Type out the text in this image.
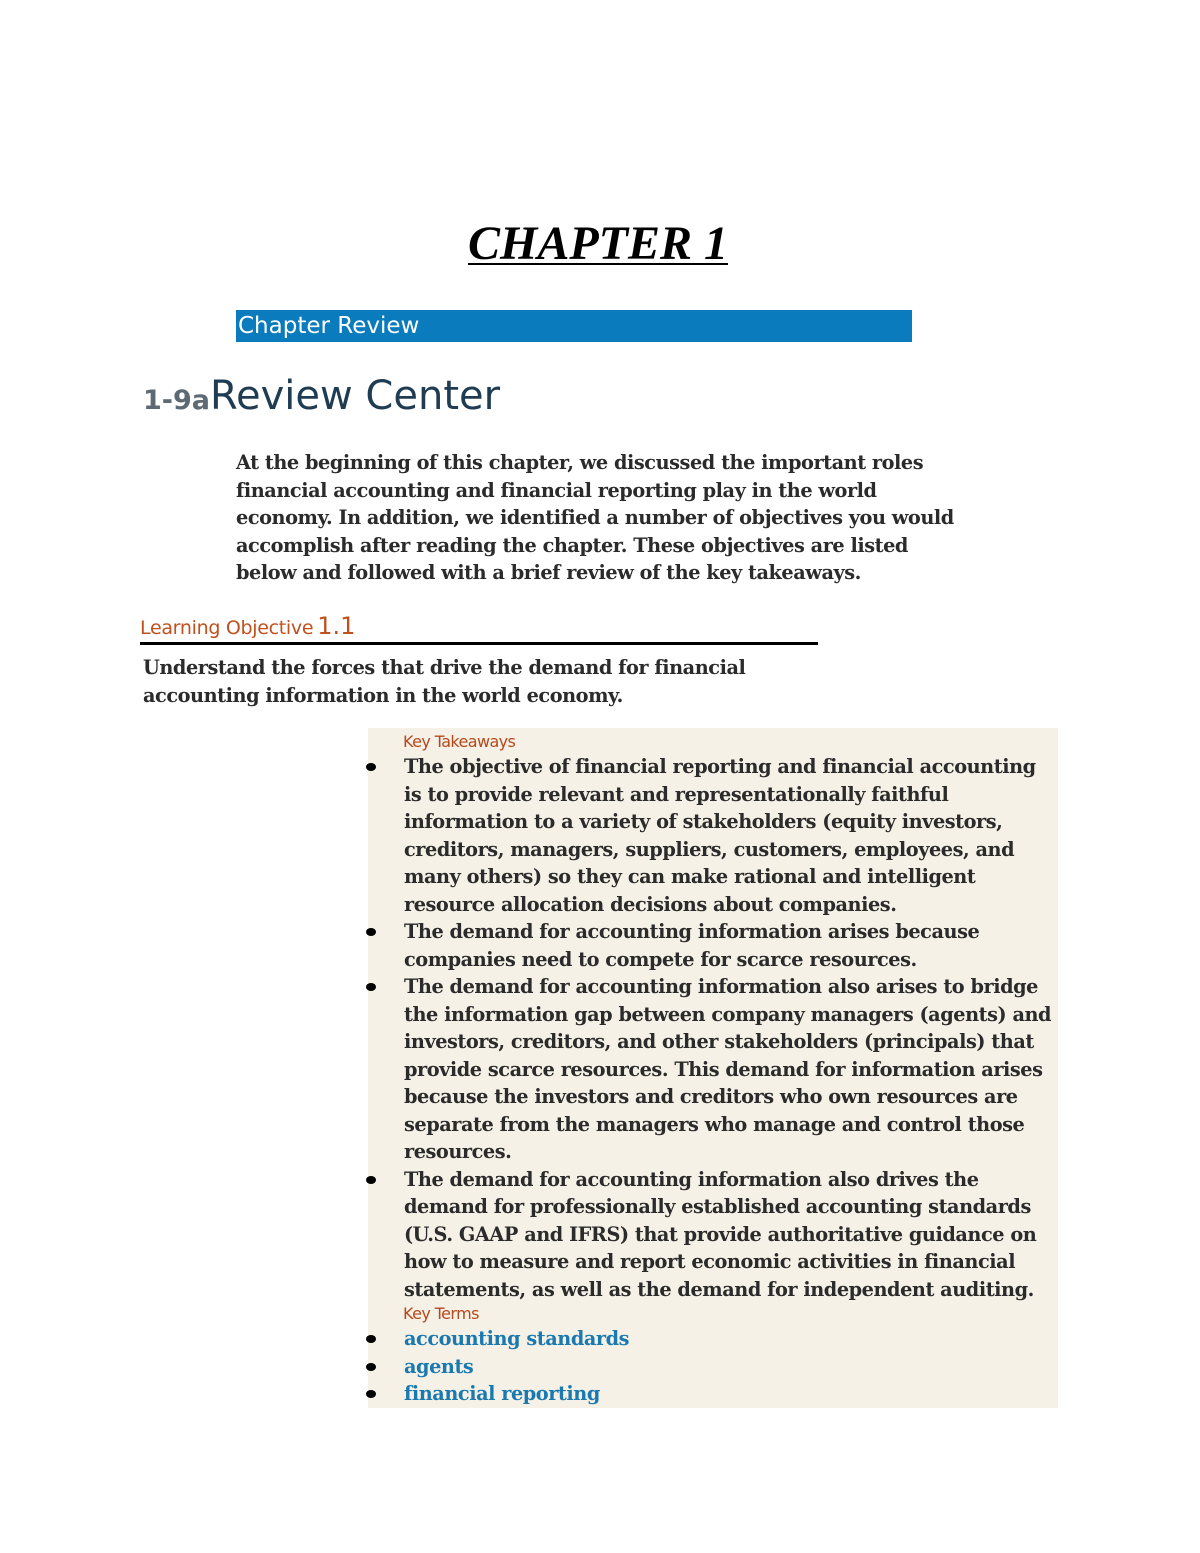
CHAPTER 1
Chapter Review
1-9aReview Center

At the beginning of this chapter, we discussed the important roles financial accounting and financial reporting play in the world economy. In addition, we identified a number of objectives you would accomplish after reading the chapter. These objectives are listed below and followed with a brief review of the key takeaways.

Learning Objective 1.1

Understand the forces that drive the demand for financial accounting information in the world economy.

Key Takeaways
The objective of financial reporting and financial accounting is to provide relevant and representationally faithful information to a variety of stakeholders (equity investors, creditors, managers, suppliers, customers, employees, and many others) so they can make rational and intelligent resource allocation decisions about companies.
The demand for accounting information arises because companies need to compete for scarce resources.
The demand for accounting information also arises to bridge the information gap between company managers (agents) and investors, creditors, and other stakeholders (principals) that provide scarce resources. This demand for information arises because the investors and creditors who own resources are separate from the managers who manage and control those resources.
The demand for accounting information also drives the demand for professionally established accounting standards (U.S. GAAP and IFRS) that provide authoritative guidance on how to measure and report economic activities in financial statements, as well as the demand for independent auditing.
Key Terms
accounting standards
agents
financial reporting
